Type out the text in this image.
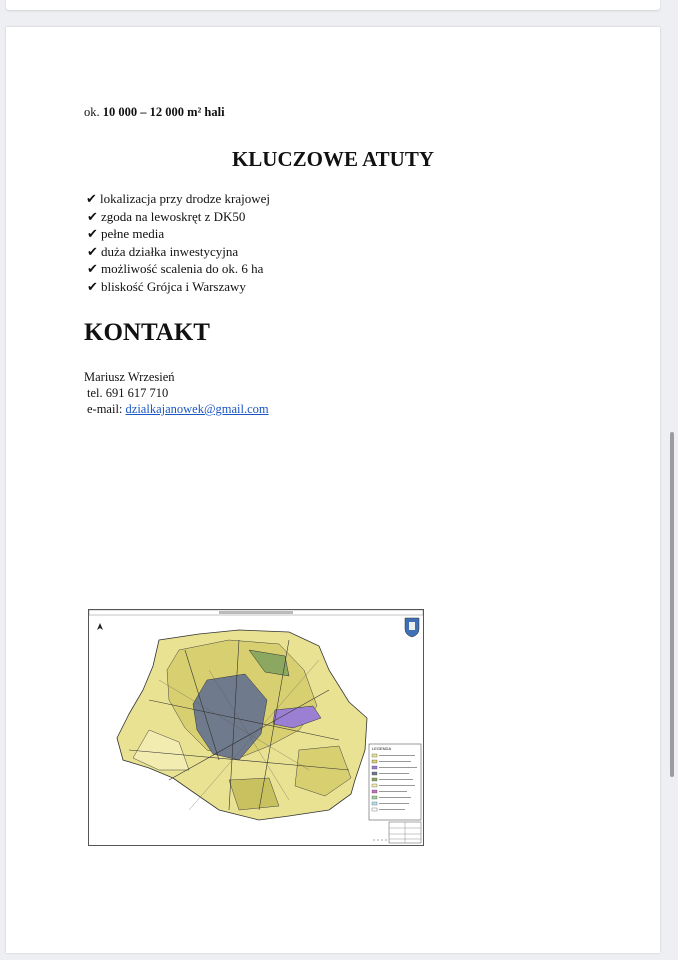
ok. 10 000 – 12 000 m² hali
KLUCZOWE ATUTY
✔ lokalizacja przy drodze krajowej
✔ zgoda na lewoskręt z DK50
✔ pełne media
✔ duża działka inwestycyjna
✔ możliwość scalenia do ok. 6 ha
✔ bliskość Grójca i Warszawy
KONTAKT
Mariusz Wrzesień
tel. 691 617 710
e-mail: dzialkajanowek@gmail.com
LEGENDA
